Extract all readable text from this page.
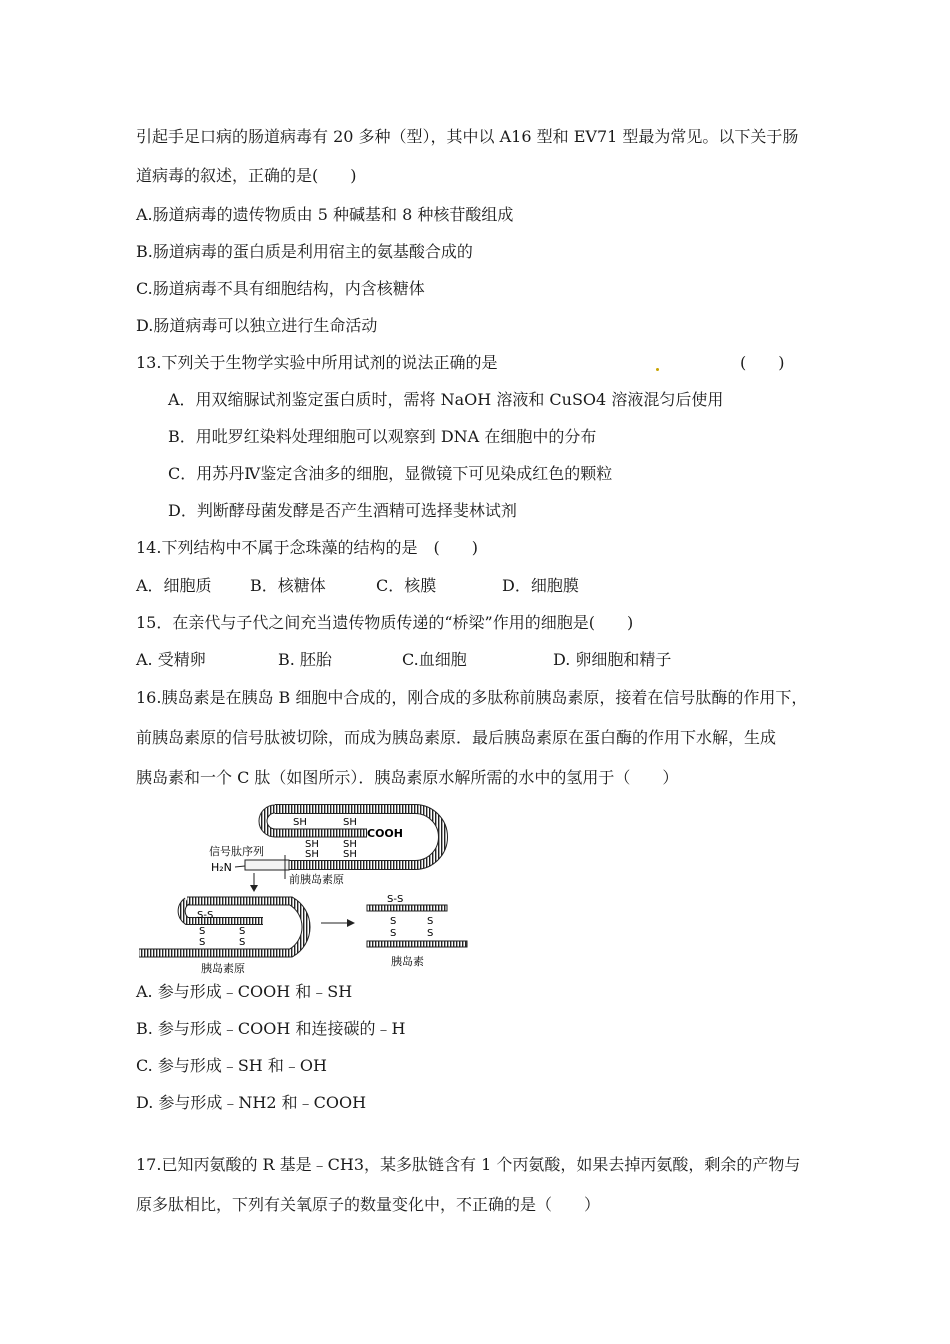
引起手足口病的肠道病毒有 20 多种（型），其中以 A16 型和 EV71 型最为常见。以下关于肠
道病毒的叙述，正确的是(　　)
A.肠道病毒的遗传物质由 5 种碱基和 8 种核苷酸组成
B.肠道病毒的蛋白质是利用宿主的氨基酸合成的
C.肠道病毒不具有细胞结构，内含核糖体
D.肠道病毒可以独立进行生命活动
13.下列关于生物学实验中所用试剂的说法正确的是	(　　)
A．用双缩脲试剂鉴定蛋白质时，需将 NaOH 溶液和 CuSO4 溶液混匀后使用
B．用吡罗红染料处理细胞可以观察到 DNA 在细胞中的分布
C．用苏丹Ⅳ鉴定含油多的细胞，显微镜下可见染成红色的颗粒
D．判断酵母菌发酵是否产生酒精可选择斐林试剂
14.下列结构中不属于念珠藻的结构的是　(　　)
A．细胞质 B．核糖体	C．核膜	D．细胞膜
15．在亲代与子代之间充当遗传物质传递的“桥梁”作用的细胞是(　　)
A. 受精卵	B. 胚胎	C.血细胞	D. 卵细胞和精子
16.胰岛素是在胰岛 B 细胞中合成的，刚合成的多肽称前胰岛素原，接着在信号肽酶的作用下，
前胰岛素原的信号肽被切除，而成为胰岛素原．最后胰岛素原在蛋白酶的作用下水解，生成
胰岛素和一个 C 肽（如图所示）．胰岛素原水解所需的水中的氢用于（　　）
SH	SH
COOH
SH SH
SH SH
信号肽序列
H₂N
前胰岛素原
S-S
S
S
S
S
胰岛素原
S-S
S
S
S
S
胰岛素
A. 参与形成﹣COOH 和﹣SH
B. 参与形成﹣COOH 和连接碳的﹣H
C. 参与形成﹣SH 和﹣OH
D. 参与形成﹣NH2 和﹣COOH
17.已知丙氨酸的 R 基是﹣CH3，某多肽链含有 1 个丙氨酸，如果去掉丙氨酸，剩余的产物与
原多肽相比，下列有关氧原子的数量变化中，不正确的是（　　）
